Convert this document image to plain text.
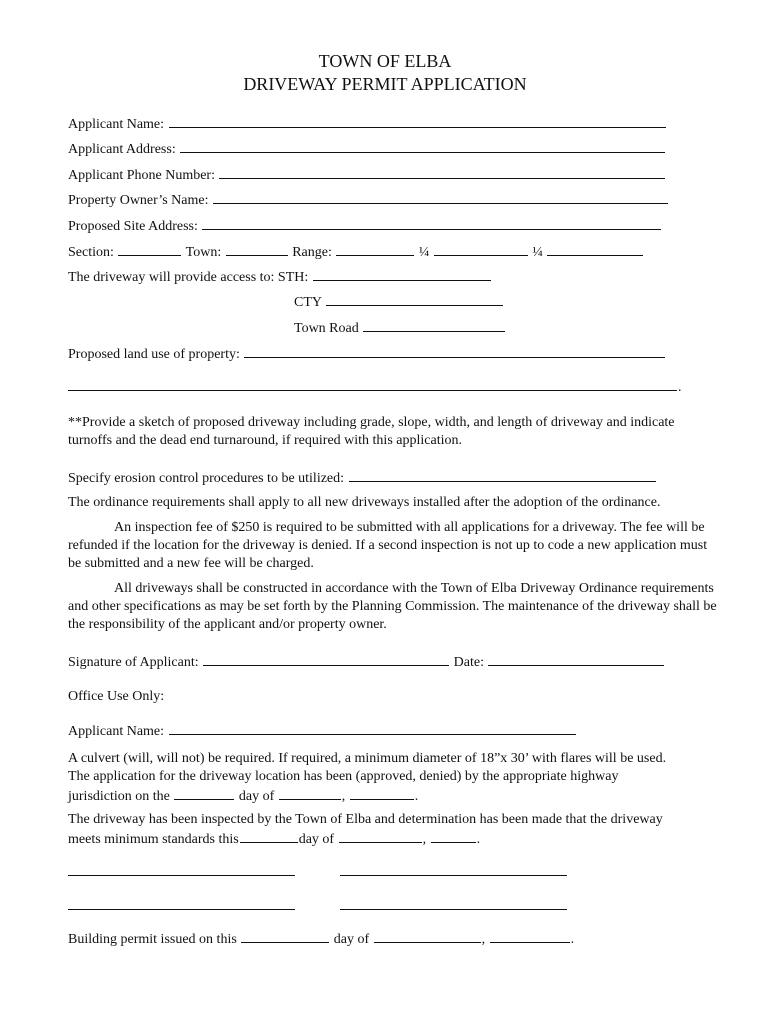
TOWN OF ELBA
DRIVEWAY PERMIT APPLICATION
Applicant Name:
Applicant Address:
Applicant Phone Number:
Property Owner’s Name:
Proposed Site Address:
Section:	Town:	Range:	¼	¼
The driveway will provide access to: STH:
CTY
Town Road
Proposed land use of property:
.
**Provide a sketch of proposed driveway including grade, slope, width, and length of driveway and indicate turnoffs and the dead end turnaround, if required with this application.
Specify erosion control procedures to be utilized:
The ordinance requirements shall apply to all new driveways installed after the adoption of the ordinance.
An inspection fee of $250 is required to be submitted with all applications for a driveway. The fee will be refunded if the location for the driveway is denied. If a second inspection is not up to code a new application must be submitted and a new fee will be charged.
All driveways shall be constructed in accordance with the Town of Elba Driveway Ordinance requirements and other specifications as may be set forth by the Planning Commission. The maintenance of the driveway shall be the responsibility of the applicant and/or property owner.
Signature of Applicant:	Date:
Office Use Only:
Applicant Name:
A culvert (will, will not) be required. If required, a minimum diameter of 18”x 30’ with flares will be used.
The application for the driveway location has been (approved, denied) by the appropriate highway
jurisdiction on the	day of	,	.
The driveway has been inspected by the Town of Elba and determination has been made that the driveway
meets minimum standards this	day of	,	.
Building permit issued on this	day of	,	.
